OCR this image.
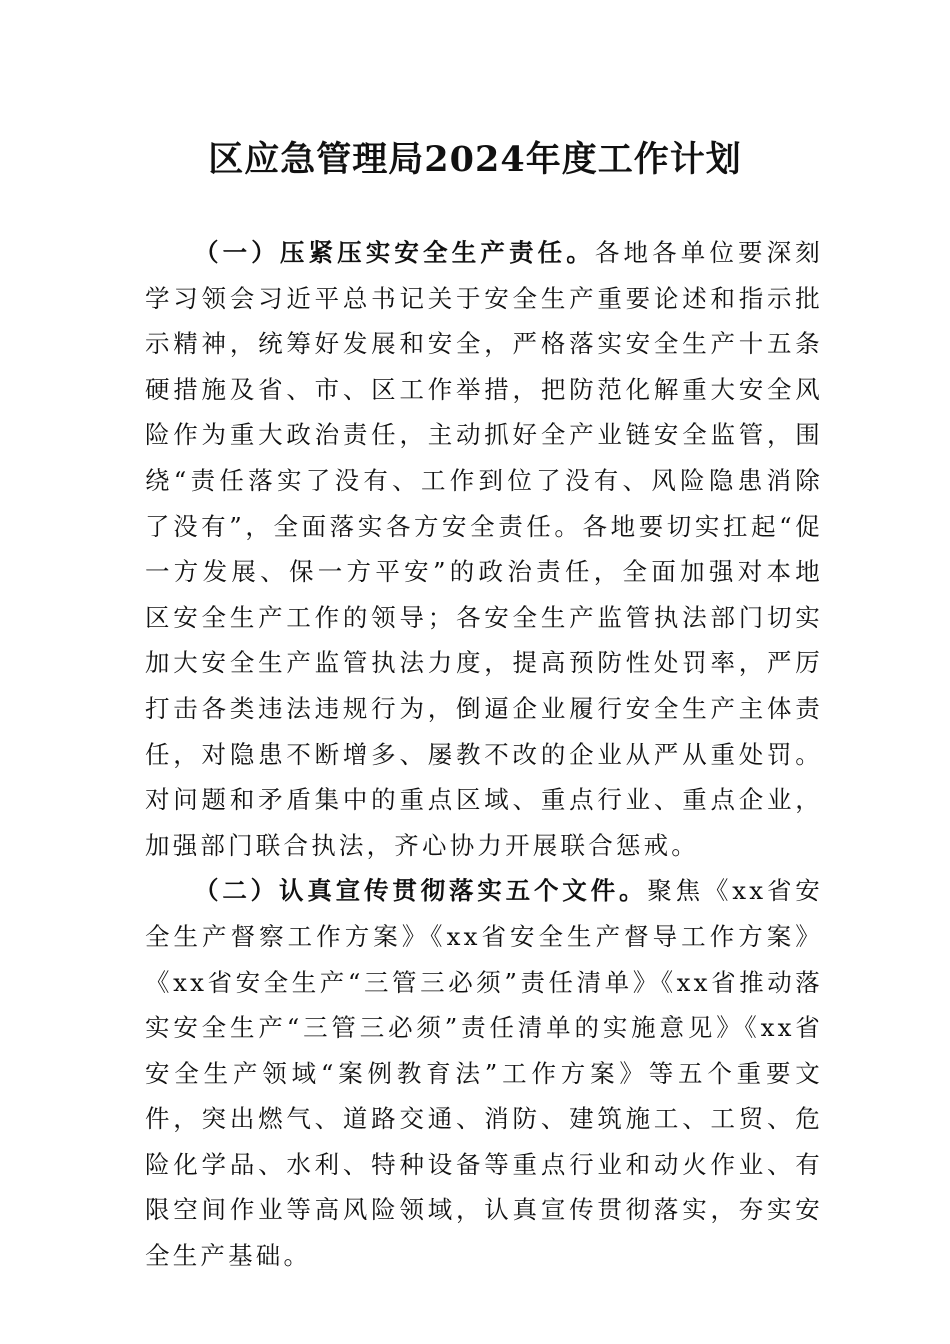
区应急管理局2024年度工作计划

（一）压紧压实安全生产责任。各地各单位要深刻学习领会习近平总书记关于安全生产重要论述和指示批示精神，统筹好发展和安全，严格落实安全生产十五条硬措施及省、市、区工作举措，把防范化解重大安全风险作为重大政治责任，主动抓好全产业链安全监管，围绕“责任落实了没有、工作到位了没有、风险隐患消除了没有”，全面落实各方安全责任。各地要切实扛起“促一方发展、保一方平安”的政治责任，全面加强对本地区安全生产工作的领导；各安全生产监管执法部门切实加大安全生产监管执法力度，提高预防性处罚率，严厉打击各类违法违规行为，倒逼企业履行安全生产主体责任，对隐患不断增多、屡教不改的企业从严从重处罚。对问题和矛盾集中的重点区域、重点行业、重点企业，加强部门联合执法，齐心协力开展联合惩戒。

（二）认真宣传贯彻落实五个文件。聚焦《xx省安全生产督察工作方案》《xx省安全生产督导工作方案》《xx省安全生产“三管三必须”责任清单》《xx省推动落实安全生产“三管三必须”责任清单的实施意见》《xx省安全生产领域“案例教育法”工作方案》等五个重要文件，突出燃气、道路交通、消防、建筑施工、工贸、危险化学品、水利、特种设备等重点行业和动火作业、有限空间作业等高风险领域，认真宣传贯彻落实，夯实安全生产基础。
